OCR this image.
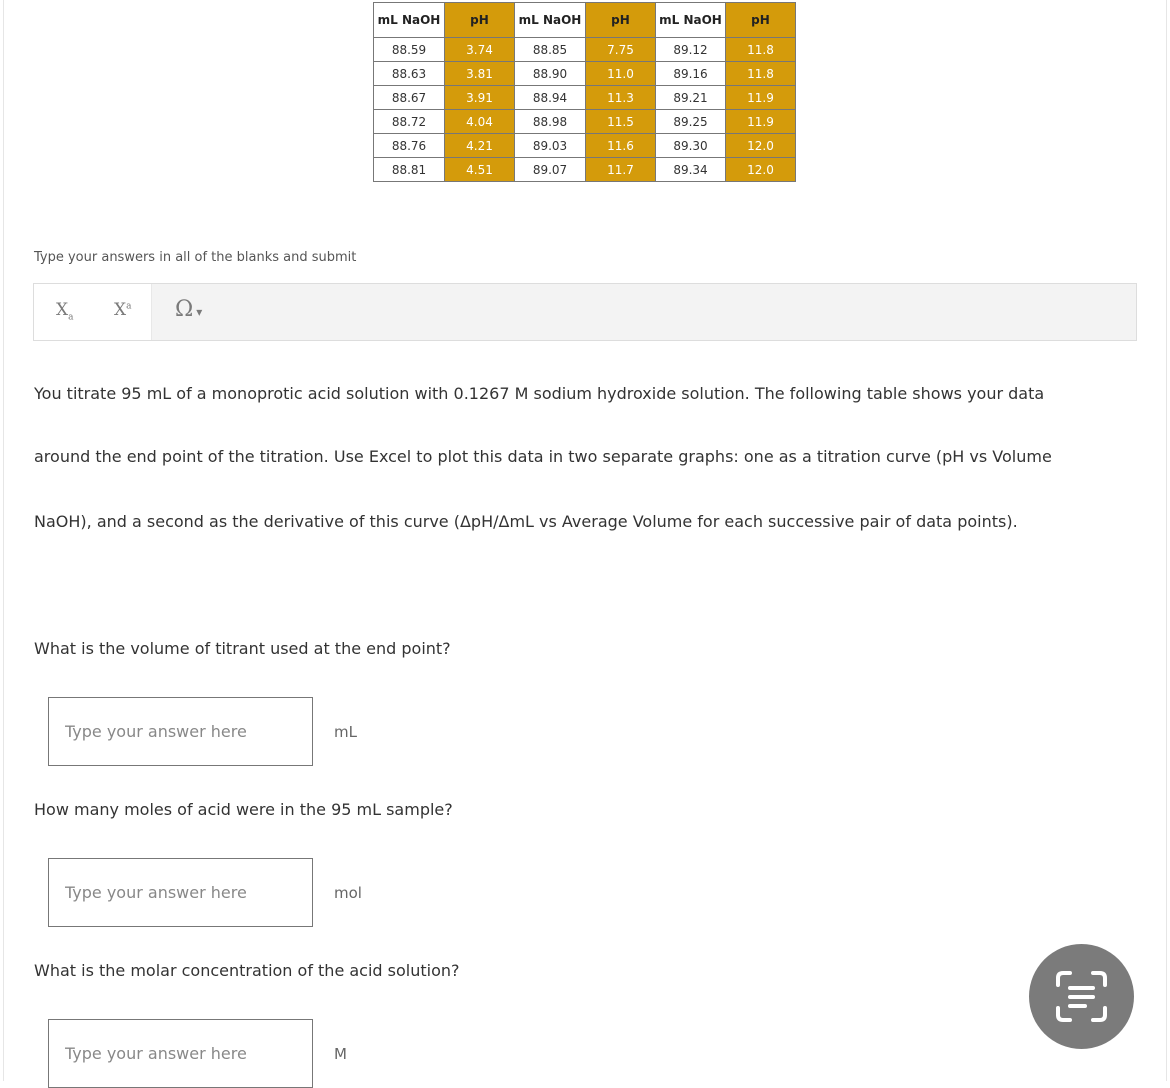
mL NaOH	pH	mL NaOH	pH	mL NaOH	pH
88.59	3.74	88.85	7.75	89.12	11.8
88.63	3.81	88.90	11.0	89.16	11.8
88.67	3.91	88.94	11.3	89.21	11.9
88.72	4.04	88.98	11.5	89.25	11.9
88.76	4.21	89.03	11.6	89.30	12.0
88.81	4.51	89.07	11.7	89.34	12.0
Type your answers in all of the blanks and submit
$X_a$ $X^a$ Ω ▾
You titrate 95 mL of a monoprotic acid solution with 0.1267 M sodium hydroxide solution. The following table shows your data
around the end point of the titration. Use Excel to plot this data in two separate graphs: one as a titration curve (pH vs Volume
NaOH), and a second as the derivative of this curve (ΔpH/ΔmL vs Average Volume for each successive pair of data points).
What is the volume of titrant used at the end point?
Type your answer here
mL
How many moles of acid were in the 95 mL sample?
Type your answer here
mol
What is the molar concentration of the acid solution?
Type your answer here
M
